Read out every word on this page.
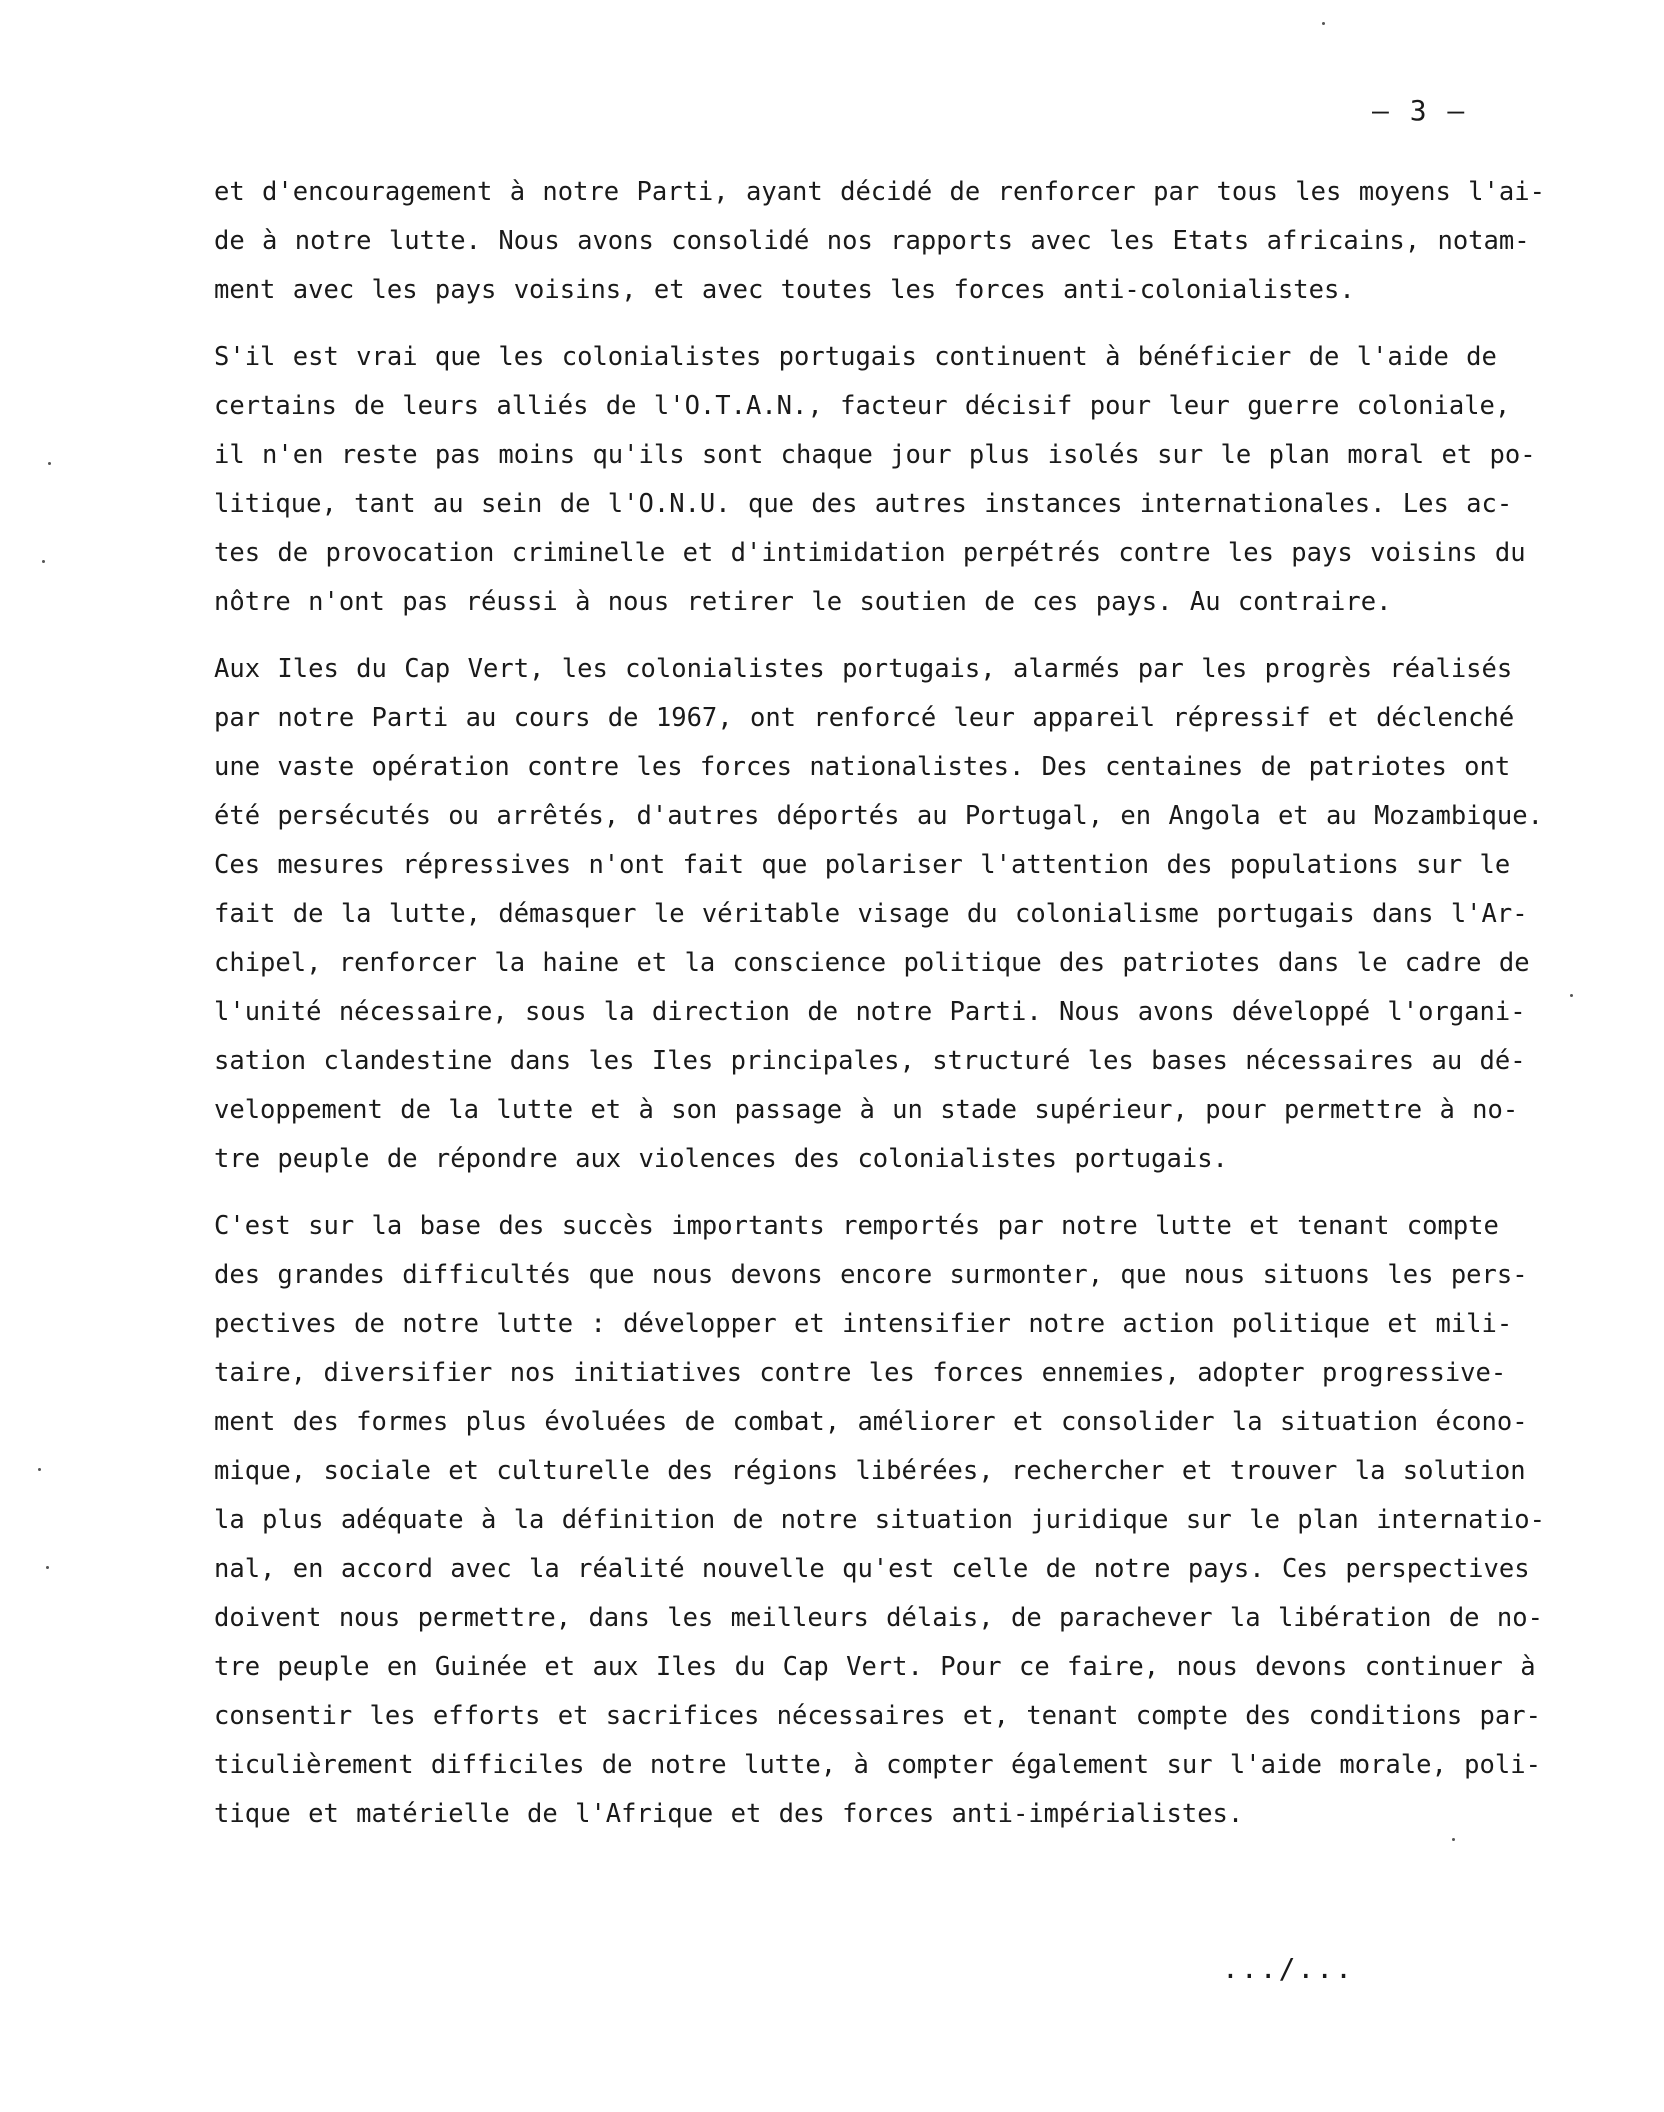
— 3 —
et d'encouragement à notre Parti, ayant décidé de renforcer par tous les moyens l'ai-
de à notre lutte. Nous avons consolidé nos rapports avec les Etats africains, notam-
ment avec les pays voisins, et avec toutes les forces anti-colonialistes.
S'il est vrai que les colonialistes portugais continuent à bénéficier de l'aide de
certains de leurs alliés de l'O.T.A.N., facteur décisif pour leur guerre coloniale,
il n'en reste pas moins qu'ils sont chaque jour plus isolés sur le plan moral et po-
litique, tant au sein de l'O.N.U. que des autres instances internationales. Les ac-
tes de provocation criminelle et d'intimidation perpétrés contre les pays voisins du
nôtre n'ont pas réussi à nous retirer le soutien de ces pays. Au contraire.
Aux Iles du Cap Vert, les colonialistes portugais, alarmés par les progrès réalisés
par notre Parti au cours de 1967, ont renforcé leur appareil répressif et déclenché
une vaste opération contre les forces nationalistes. Des centaines de patriotes ont
été persécutés ou arrêtés, d'autres déportés au Portugal, en Angola et au Mozambique.
Ces mesures répressives n'ont fait que polariser l'attention des populations sur le
fait de la lutte, démasquer le véritable visage du colonialisme portugais dans l'Ar-
chipel, renforcer la haine et la conscience politique des patriotes dans le cadre de
l'unité nécessaire, sous la direction de notre Parti. Nous avons développé l'organi-
sation clandestine dans les Iles principales, structuré les bases nécessaires au dé-
veloppement de la lutte et à son passage à un stade supérieur, pour permettre à no-
tre peuple de répondre aux violences des colonialistes portugais.
C'est sur la base des succès importants remportés par notre lutte et tenant compte
des grandes difficultés que nous devons encore surmonter, que nous situons les pers-
pectives de notre lutte : développer et intensifier notre action politique et mili-
taire, diversifier nos initiatives contre les forces ennemies, adopter progressive-
ment des formes plus évoluées de combat, améliorer et consolider la situation écono-
mique, sociale et culturelle des régions libérées, rechercher et trouver la solution
la plus adéquate à la définition de notre situation juridique sur le plan internatio-
nal, en accord avec la réalité nouvelle qu'est celle de notre pays. Ces perspectives
doivent nous permettre, dans les meilleurs délais, de parachever la libération de no-
tre peuple en Guinée et aux Iles du Cap Vert. Pour ce faire, nous devons continuer à
consentir les efforts et sacrifices nécessaires et, tenant compte des conditions par-
ticulièrement difficiles de notre lutte, à compter également sur l'aide morale, poli-
tique et matérielle de l'Afrique et des forces anti-impérialistes.
.../...
